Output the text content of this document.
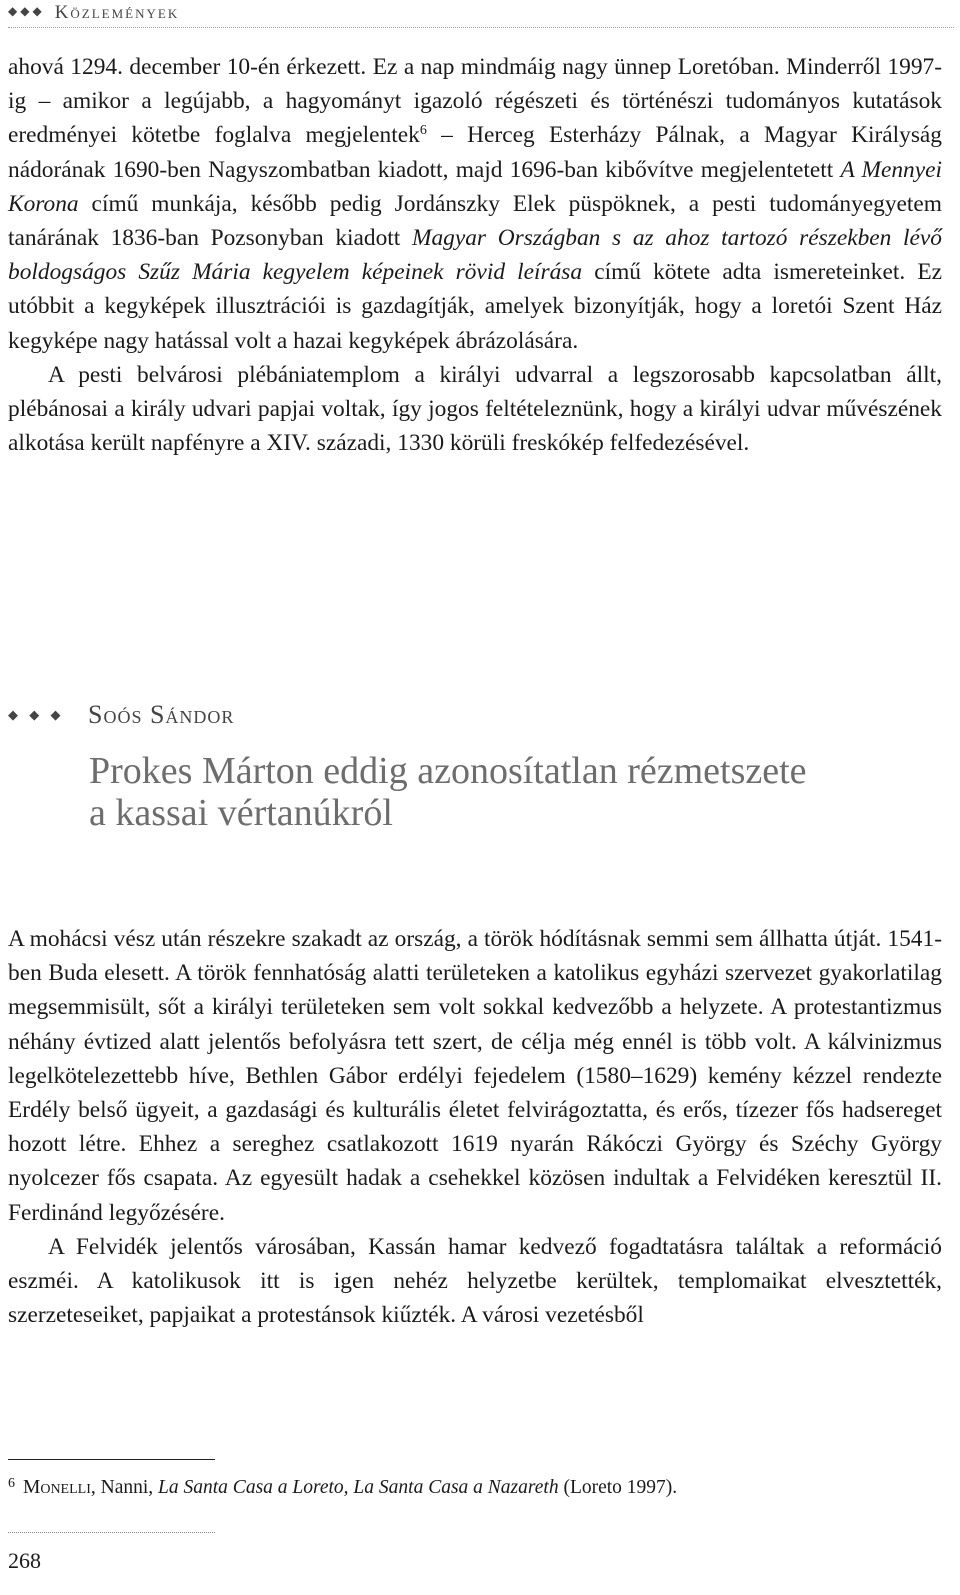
◆◆◆ Közlemények

ahová 1294. december 10-én érkezett. Ez a nap mindmáig nagy ünnep Loretóban. Minderről 1997-ig – amikor a legújabb, a hagyományt igazoló régészeti és történészi tudományos kutatások eredményei kötetbe foglalva megjelentek$^6$ – Herceg Esterházy Pálnak, a Magyar Királyság nádorának 1690-ben Nagyszombatban kiadott, majd 1696-ban kibővítve megjelentetett A Mennyei Korona című munkája, később pedig Jordánszky Elek püspöknek, a pesti tudományegyetem tanárának 1836-ban Pozsonyban kiadott Magyar Országban s az ahoz tartozó részekben lévő boldogságos Szűz Mária kegyelem képeinek rövid leírása című kötete adta ismereteinket. Ez utóbbit a kegyképek illusztrációi is gazdagítják, amelyek bizonyítják, hogy a loretói Szent Ház kegyképe nagy hatással volt a hazai kegyképek ábrázolására.

A pesti belvárosi plébániatemplom a királyi udvarral a legszorosabb kapcsolatban állt, plébánosai a király udvari papjai voltak, így jogos feltételeznünk, hogy a királyi udvar művészének alkotása került napfényre a XIV. századi, 1330 körüli freskókép felfedezésével.

◆ ◆ ◆ Soós Sándor
Prokes Márton eddig azonosítatlan rézmetszete
a kassai vértanúkról

A mohácsi vész után részekre szakadt az ország, a török hódításnak semmi sem állhatta útját. 1541-ben Buda elesett. A török fennhatóság alatti területeken a katolikus egyházi szervezet gyakorlatilag megsemmisült, sőt a királyi területeken sem volt sokkal kedvezőbb a helyzete. A protestantizmus néhány évtized alatt jelentős befolyásra tett szert, de célja még ennél is több volt. A kálvinizmus legelkötelezettebb híve, Bethlen Gábor erdélyi fejedelem (1580–1629) kemény kézzel rendezte Erdély belső ügyeit, a gazdasági és kulturális életet felvirágoztatta, és erős, tízezer fős hadsereget hozott létre. Ehhez a sereghez csatlakozott 1619 nyarán Rákóczi György és Széchy György nyolcezer fős csapata. Az egyesült hadak a csehekkel közösen indultak a Felvidéken keresztül II. Ferdinánd legyőzésére.

A Felvidék jelentős városában, Kassán hamar kedvező fogadtatásra találtak a reformáció eszméi. A katolikusok itt is igen nehéz helyzetbe kerültek, templomaikat elvesztették, szerzeteseiket, papjaikat a protestánsok kiűzték. A városi vezetésből

$^6$ Monelli, Nanni, La Santa Casa a Loreto, La Santa Casa a Nazareth (Loreto 1997).
268
